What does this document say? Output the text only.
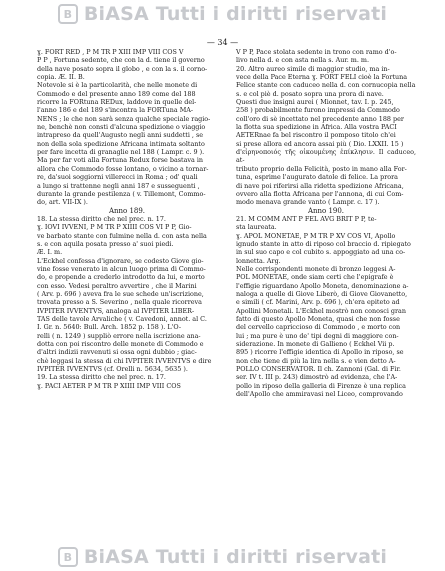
B BiASA Tutti i diritti riservati
— 34 —

ɣ. FORT RED , P M TR P XIII IMP VIII COS V

P P , Fortuna sedente, che con la d. tiene il governo

della nave posato sopra il globo , e con la s. il corno-

copia. Æ. II. B.

Notevole si è la particolarità, che nelle monete di

Commodo e del presente anno 189 come del 188

ricorre la FORtuna REDux, laddove in quelle del-

l'anno 186 e del 189 s'incontra la FORTuna MA-

NENS ; le che non sarà senza qualche speciale ragio-

ne, benchè non consti d'alcuna spedizione o viaggio

intrapreso da quell'Augusto negli anni suddetti , se

non della sola spedizione Africana intimata soltanto

per fare incetta di granaglie nel 188 ( Lampr. c. 9 ).

Ma per far voti alla Fortuna Redux forse bastava in

allora che Commodo fosse lontano, o vicino a tornar-

re, da'suoi soggiorni villerecci in Roma ; od' quali

a lungo si trattenne negli anni 187 e susseguenti ,

durante la grande pestilenza ( v. Tillemont, Commo-

do, art. VII-IX ).

Anno 189.

18. La stessa diritto che nel prec. n. 17.

ɣ. IOVI IVVENI, P M TR P XIIII COS VI P P, Gio-

ve barbato stante con fulmine nella d. con asta nella

s. e con aquila posata presso a' suoi piedi.

Æ. I. m.

L'Eckhel confessa d'ignorare, se codesto Giove gio-

vine fosse venerato in alcun luogo prima di Commo-

do, e propende a crederlo introdotto da lui, e morto

con esso. Vedesi peraltro avvertire , che il Marini

( Arv. p. 696 ) aveva fra le sue schede un'iscrizione,

trovata presso a S. Severino , nella quale ricorreva

IVPITER IVVENTVS, analoga al IVPITER LIBER-

TAS delle tavole Arvaliche ( v. Cavedoni, annot. al C.

I. Gr. n. 5640: Bull. Arch. 1852 p. 158 ). L'O-

relli ( n. 1249 ) suppliò errore nella iscrizione ana-

dotta con poi riscontro delle monete di Commodo e

d'altri indizii ravvenuti si ossa ogni dubbio ; giac-

chè leggasi la stessa di chi IVPITER IVVENTVS e dire

IVPITER IVVENTVS (cf. Orelli n. 5634, 5635 ).

19. La stessa diritto che nel prec. n. 17.

ɣ. PACI AETER P M TR P XIIII IMP VIII COS

V P P, Pace stolata sedente in trono con ramo d'o-

livo nella d. e con asta nella s. Aur. m. m.

20. Altro aureo simile di maggior studio, ma in-

vece della Pace Eterna ɣ. FORT FELI cioè la Fortuna

Felice stante con caduceo nella d. con cornucopia nella

s. e col piè d. posato sopra una prora di nave.

Questi due insigni aurei ( Mionnet, tav. I. p. 245,

258 ) probabilmente furono impressi da Commodo

coll'oro di sè incettato nel precedente anno 188 per

la flotta sua spedizione in Africa. Alla vostra PACI

AETERnae fa bel riscontro il pomposo titolo ch'ei

si prese allora ed ancora assai più ( Dio. LXXII. 15 )

d'εἰρηνοποιός τῆς οἰκουμένης ἐπίκλησιν. Il caduceo, at-

tributo proprio della Felicità, posto in mano alla For-

tuna, esprime l'augurato datole di felice. La prora

di nave poi riferirsi alla ridetta spedizione Africana,

ovvero alla flotta Africana per l'annona, di cui Com-

modo menava grande vanto ( Lampr. c. 17 ).

Anno 190.

21. M COMM ANT P FEL AVG BRIT P P, te-

sta laureata.

ɣ. APOL MONETAE, P M TR P XV COS VI, Apollo

ignudo stante in atto di riposo col braccio d. ripiegato

in sul suo capo e col cubito s. appoggiato ad una co-

lonnetta. Arg.

Nelle corrispondenti monete di bronzo leggesi A-

POL MONETAE, onde siam certi che l'epigrafe è

l'effigie riguardano Apollo Moneta, denominazione a-

naloga a quelle di Giove Liberò, di Giove Giovanetto,

e simili ( cf. Marini, Arv. p. 696 ), ch'era epiteto ad

Apollini Monetali. L'Eckhel mostrò non conosci gran

fatto di questo Apollo Moneta, quasi che non fosse

del cervello capriccioso di Commodo , e morto con

lui ; ma pure è uno de' tipi degni di maggiore con-

siderazione. In monete di Gallieno ( Eckhel Vii p.

895 ) ricorre l'effigie identica di Apollo in riposo, se

non che tiene di più la lira nella s. e vien detto A-

POLLO CONSERVATOR. Il ch. Zannoni (Gal. di Fir.

ser. IV t. III p. 243) dimostrò ad evidenza, che l'A-

pollo in riposo della galleria di Firenze è una replica

dell'Apollo che ammiravasi nel Liceo, comprovando

B BiASA Tutti i diritti riservati
